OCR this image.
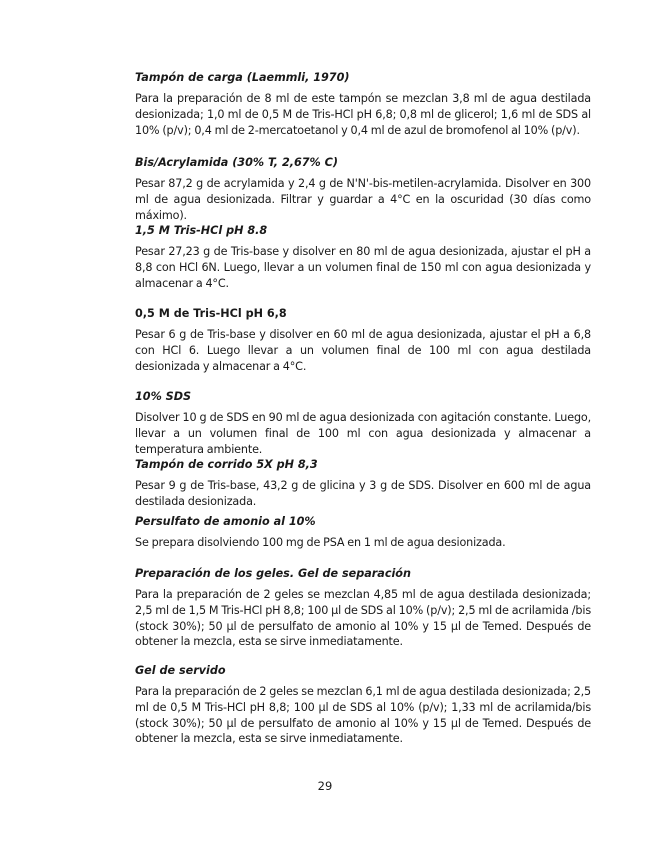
Tampón de carga (Laemmli, 1970)

Para la preparación de 8 ml de este tampón se mezclan 3,8 ml de agua destilada desionizada; 1,0 ml de 0,5 M de Tris-HCl pH 6,8; 0,8 ml de glicerol; 1,6 ml de SDS al 10% (p/v); 0,4 ml de 2-mercatoetanol y 0,4 ml de azul de bromofenol al 10% (p/v).

Bis/Acrylamida (30% T, 2,67% C)

Pesar 87,2 g de acrylamida y 2,4 g de N'N'-bis-metilen-acrylamida. Disolver en 300 ml de agua desionizada. Filtrar y guardar a 4°C en la oscuridad (30 días como máximo).

1,5 M Tris-HCl pH 8.8

Pesar 27,23 g de Tris-base y disolver en 80 ml de agua desionizada, ajustar el pH a 8,8 con HCl 6N. Luego, llevar a un volumen final de 150 ml con agua desionizada y almacenar a 4°C.

0,5 M de Tris-HCl pH 6,8

Pesar 6 g de Tris-base y disolver en 60 ml de agua desionizada, ajustar el pH a 6,8 con HCl 6. Luego llevar a un volumen final de 100 ml con agua destilada desionizada y almacenar a 4°C.

10% SDS

Disolver 10 g de SDS en 90 ml de agua desionizada con agitación constante. Luego, llevar a un volumen final de 100 ml con agua desionizada y almacenar a temperatura ambiente.

Tampón de corrido 5X pH 8,3

Pesar 9 g de Tris-base, 43,2 g de glicina y 3 g de SDS. Disolver en 600 ml de agua destilada desionizada.

Persulfato de amonio al 10%

Se prepara disolviendo 100 mg de PSA en 1 ml de agua desionizada.

Preparación de los geles. Gel de separación

Para la preparación de 2 geles se mezclan 4,85 ml de agua destilada desionizada; 2,5 ml de 1,5 M Tris-HCl pH 8,8; 100 µl de SDS al 10% (p/v); 2,5 ml de acrilamida /bis (stock 30%); 50 µl de persulfato de amonio al 10% y 15 µl de Temed. Después de obtener la mezcla, esta se sirve inmediatamente.

Gel de servido

Para la preparación de 2 geles se mezclan 6,1 ml de agua destilada desionizada; 2,5 ml de 0,5 M Tris-HCl pH 8,8; 100 µl de SDS al 10% (p/v); 1,33 ml de acrilamida/bis (stock 30%); 50 µl de persulfato de amonio al 10% y 15 µl de Temed. Después de obtener la mezcla, esta se sirve inmediatamente.

29
